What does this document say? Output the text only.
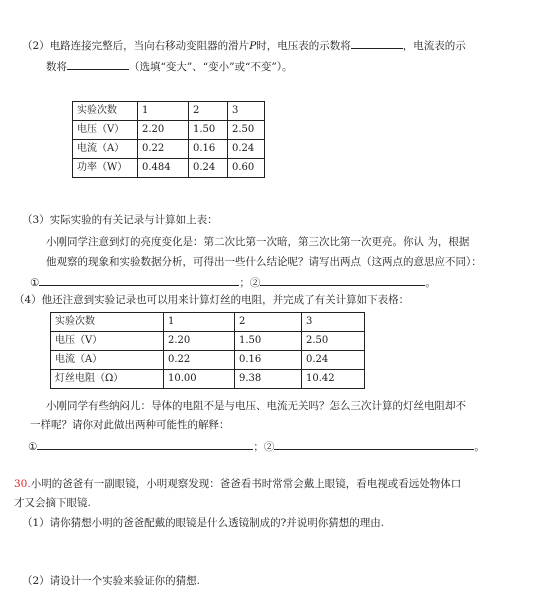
（2）电路连接完整后，当向右移动变阻器的滑片P时，电压表的示数将	，电流表的示
数将	（选填“变大”、“变小”或“不变”）。
实验次数	1	2	3
电压（V）	2.20	1.50	2.50
电流（A）	0.22	0.16	0.24
功率（W）	0.484	0.24	0.60
（3）实际实验的有关记录与计算如上表：
小刚同学注意到灯的亮度变化是：第二次比第一次暗，第三次比第一次更亮。你认 为，根据
他观察的现象和实验数据分析，可得出一些什么结论呢？请写出两点（这两点的意思应不同）：
①	；②	。
（4）他还注意到实验记录也可以用来计算灯丝的电阻，并完成了有关计算如下表格：
实验次数	1	2	3
电压（V）	2.20	1.50	2.50
电流（A）	0.22	0.16	0.24
灯丝电阻（Ω）	10.00	9.38	10.42
小刚同学有些纳闷儿：导体的电阻不是与电压、电流无关吗？怎么三次计算的灯丝电阻却不
一样呢？请你对此做出两种可能性的解释：
①	；②	。
30.小明的爸爸有一副眼镜，小明观察发现：爸爸看书时常常会戴上眼镜，看电视或看远处物体口
才又会摘下眼镜.
（1）请你猜想小明的爸爸配戴的眼镜是什么透镜制成的?并说明你猜想的理由.
（2）请设计一个实验来验证你的猜想.
